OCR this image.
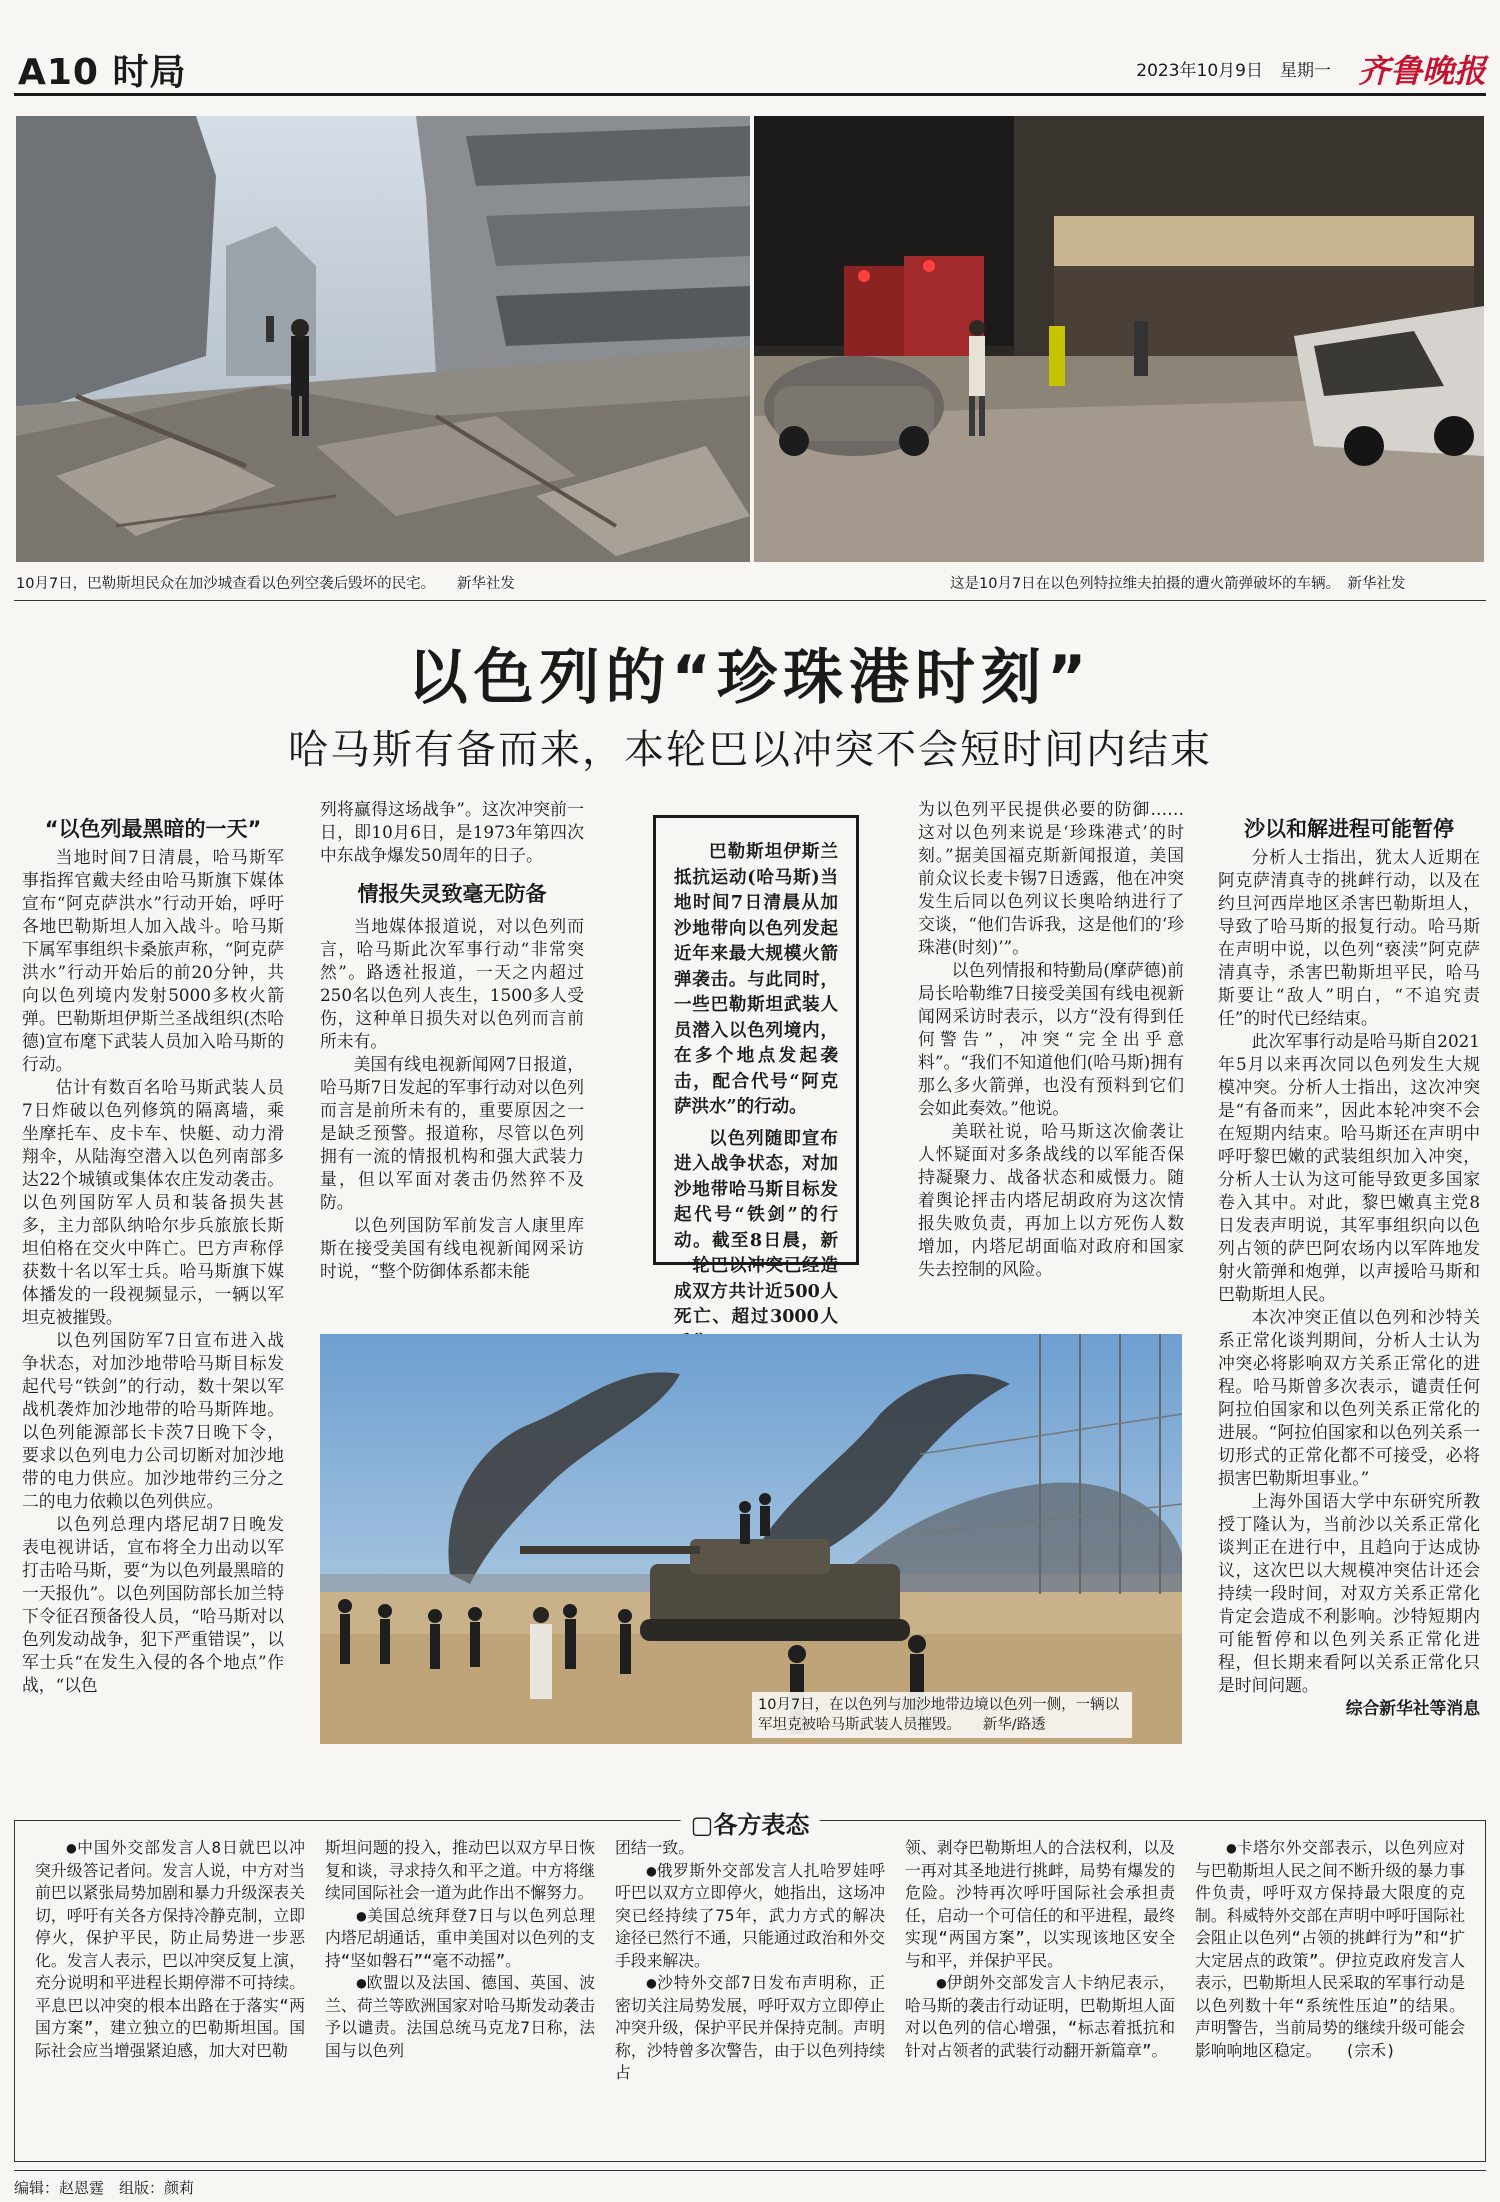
A10 时局	2023年10月9日　星期一 齐鲁晚报
10月7日，巴勒斯坦民众在加沙城查看以色列空袭后毁坏的民宅。　　新华社发	这是10月7日在以色列特拉维夫拍摄的遭火箭弹破坏的车辆。　新华社发
以色列的“珍珠港时刻”
哈马斯有备而来，本轮巴以冲突不会短时间内结束
“以色列最黑暗的一天”

当地时间7日清晨，哈马斯军事指挥官戴夫经由哈马斯旗下媒体宣布“阿克萨洪水”行动开始，呼吁各地巴勒斯坦人加入战斗。哈马斯下属军事组织卡桑旅声称，“阿克萨洪水”行动开始后的前20分钟，共向以色列境内发射5000多枚火箭弹。巴勒斯坦伊斯兰圣战组织(杰哈德)宣布麾下武装人员加入哈马斯的行动。

估计有数百名哈马斯武装人员7日炸破以色列修筑的隔离墙，乘坐摩托车、皮卡车、快艇、动力滑翔伞，从陆海空潜入以色列南部多达22个城镇或集体农庄发动袭击。以色列国防军人员和装备损失甚多，主力部队纳哈尔步兵旅旅长斯坦伯格在交火中阵亡。巴方声称俘获数十名以军士兵。哈马斯旗下媒体播发的一段视频显示，一辆以军坦克被摧毁。

以色列国防军7日宣布进入战争状态，对加沙地带哈马斯目标发起代号“铁剑”的行动，数十架以军战机袭炸加沙地带的哈马斯阵地。以色列能源部长卡茨7日晚下令，要求以色列电力公司切断对加沙地带的电力供应。加沙地带约三分之二的电力依赖以色列供应。

以色列总理内塔尼胡7日晚发表电视讲话，宣布将全力出动以军打击哈马斯，要“为以色列最黑暗的一天报仇”。以色列国防部长加兰特下令征召预备役人员，“哈马斯对以色列发动战争，犯下严重错误”，以军士兵“在发生入侵的各个地点”作战，“以色

列将赢得这场战争”。这次冲突前一日，即10月6日，是1973年第四次中东战争爆发50周年的日子。
情报失灵致毫无防备

当地媒体报道说，对以色列而言，哈马斯此次军事行动“非常突然”。路透社报道，一天之内超过250名以色列人丧生，1500多人受伤，这种单日损失对以色列而言前所未有。

美国有线电视新闻网7日报道，哈马斯7日发起的军事行动对以色列而言是前所未有的，重要原因之一是缺乏预警。报道称，尽管以色列拥有一流的情报机构和强大武装力量，但以军面对袭击仍然猝不及防。

以色列国防军前发言人康里库斯在接受美国有线电视新闻网采访时说，“整个防御体系都未能

巴勒斯坦伊斯兰抵抗运动(哈马斯)当地时间7日清晨从加沙地带向以色列发起近年来最大规模火箭弹袭击。与此同时，一些巴勒斯坦武装人员潜入以色列境内，在多个地点发起袭击，配合代号“阿克萨洪水”的行动。

以色列随即宣布进入战争状态，对加沙地带哈马斯目标发起代号“铁剑”的行动。截至8日晨，新一轮巴以冲突已经造成双方共计近500人死亡、超过3000人

为以色列平民提供必要的防御……这对以色列来说是‘珍珠港式’的时刻。”据美国福克斯新闻报道，美国前众议长麦卡锡7日透露，他在冲突发生后同以色列议长奥哈纳进行了交谈，“他们告诉我，这是他们的‘珍珠港(时刻)’”。

以色列情报和特勤局(摩萨德)前局长哈勒维7日接受美国有线电视新闻网采访时表示，以方“没有得到任何警告”，冲突“完全出乎意料”。“我们不知道他们(哈马斯)拥有那么多火箭弹，也没有预料到它们会如此奏效。”他说。

美联社说，哈马斯这次偷袭让人怀疑面对多条战线的以军能否保持凝聚力、战备状态和威慑力。随着舆论抨击内塔尼胡政府为这次情报失败负责，再加上以方死伤人数增加，内塔尼胡面临对政府和国家失去控制的风险。

沙以和解进程可能暂停

分析人士指出，犹太人近期在阿克萨清真寺的挑衅行动，以及在约旦河西岸地区杀害巴勒斯坦人，导致了哈马斯的报复行动。哈马斯在声明中说，以色列“亵渎”阿克萨清真寺，杀害巴勒斯坦平民，哈马斯要让“敌人”明白，“不追究责任”的时代已经结束。

此次军事行动是哈马斯自2021年5月以来再次同以色列发生大规模冲突。分析人士指出，这次冲突是“有备而来”，因此本轮冲突不会在短期内结束。哈马斯还在声明中呼吁黎巴嫩的武装组织加入冲突，分析人士认为这可能导致更多国家卷入其中。对此，黎巴嫩真主党8日发表声明说，其军事组织向以色列占领的萨巴阿农场内以军阵地发射火箭弹和炮弹，以声援哈马斯和巴勒斯坦人民。

本次冲突正值以色列和沙特关系正常化谈判期间，分析人士认为冲突必将影响双方关系正常化的进程。哈马斯曾多次表示，谴责任何阿拉伯国家和以色列关系正常化的进展。“阿拉伯国家和以色列关系一切形式的正常化都不可接受，必将损害巴勒斯坦事业。”

上海外国语大学中东研究所教授丁隆认为，当前沙以关系正常化谈判正在进行中，且趋向于达成协议，这次巴以大规模冲突估计还会持续一段时间，对双方关系正常化肯定会造成不利影响。沙特短期内可能暂停和以色列关系正常化进程，但长期来看阿以关系正常化只是时间问题。

综合新华社等消息
10月7日，在以色列与加沙地带边境以色列一侧，一辆以军坦克被哈马斯武装人员摧毁。　　新华/路透
▢各方表态

●中国外交部发言人8日就巴以冲突升级答记者问。发言人说，中方对当前巴以紧张局势加剧和暴力升级深表关切，呼吁有关各方保持冷静克制，立即停火，保护平民，防止局势进一步恶化。发言人表示，巴以冲突反复上演，充分说明和平进程长期停滞不可持续。平息巴以冲突的根本出路在于落实“两国方案”，建立独立的巴勒斯坦国。国际社会应当增强紧迫感，加大对巴勒

斯坦问题的投入，推动巴以双方早日恢复和谈，寻求持久和平之道。中方将继续同国际社会一道为此作出不懈努力。

●美国总统拜登7日与以色列总理内塔尼胡通话，重申美国对以色列的支持“坚如磐石”“毫不动摇”。

●欧盟以及法国、德国、英国、波兰、荷兰等欧洲国家对哈马斯发动袭击予以谴责。法国总统马克龙7日称，法国与以色列

团结一致。

●俄罗斯外交部发言人扎哈罗娃呼吁巴以双方立即停火，她指出，这场冲突已经持续了75年，武力方式的解决途径已然行不通，只能通过政治和外交手段来解决。

●沙特外交部7日发布声明称，正密切关注局势发展，呼吁双方立即停止冲突升级，保护平民并保持克制。声明称，沙特曾多次警告，由于以色列持续占

领、剥夺巴勒斯坦人的合法权利，以及一再对其圣地进行挑衅，局势有爆发的危险。沙特再次呼吁国际社会承担责任，启动一个可信任的和平进程，最终实现“两国方案”，以实现该地区安全与和平，并保护平民。

●伊朗外交部发言人卡纳尼表示，哈马斯的袭击行动证明，巴勒斯坦人面对以色列的信心增强，“标志着抵抗和针对占领者的武装行动翻开新篇章”。

●卡塔尔外交部表示，以色列应对与巴勒斯坦人民之间不断升级的暴力事件负责，呼吁双方保持最大限度的克制。科威特外交部在声明中呼吁国际社会阻止以色列“占领的挑衅行为”和“扩大定居点的政策”。伊拉克政府发言人表示，巴勒斯坦人民采取的军事行动是以色列数十年“系统性压迫”的结果。声明警告，当前局势的继续升级可能会影响响地区稳定。　　(宗禾)

编辑：赵恩霆　组版：颜莉
